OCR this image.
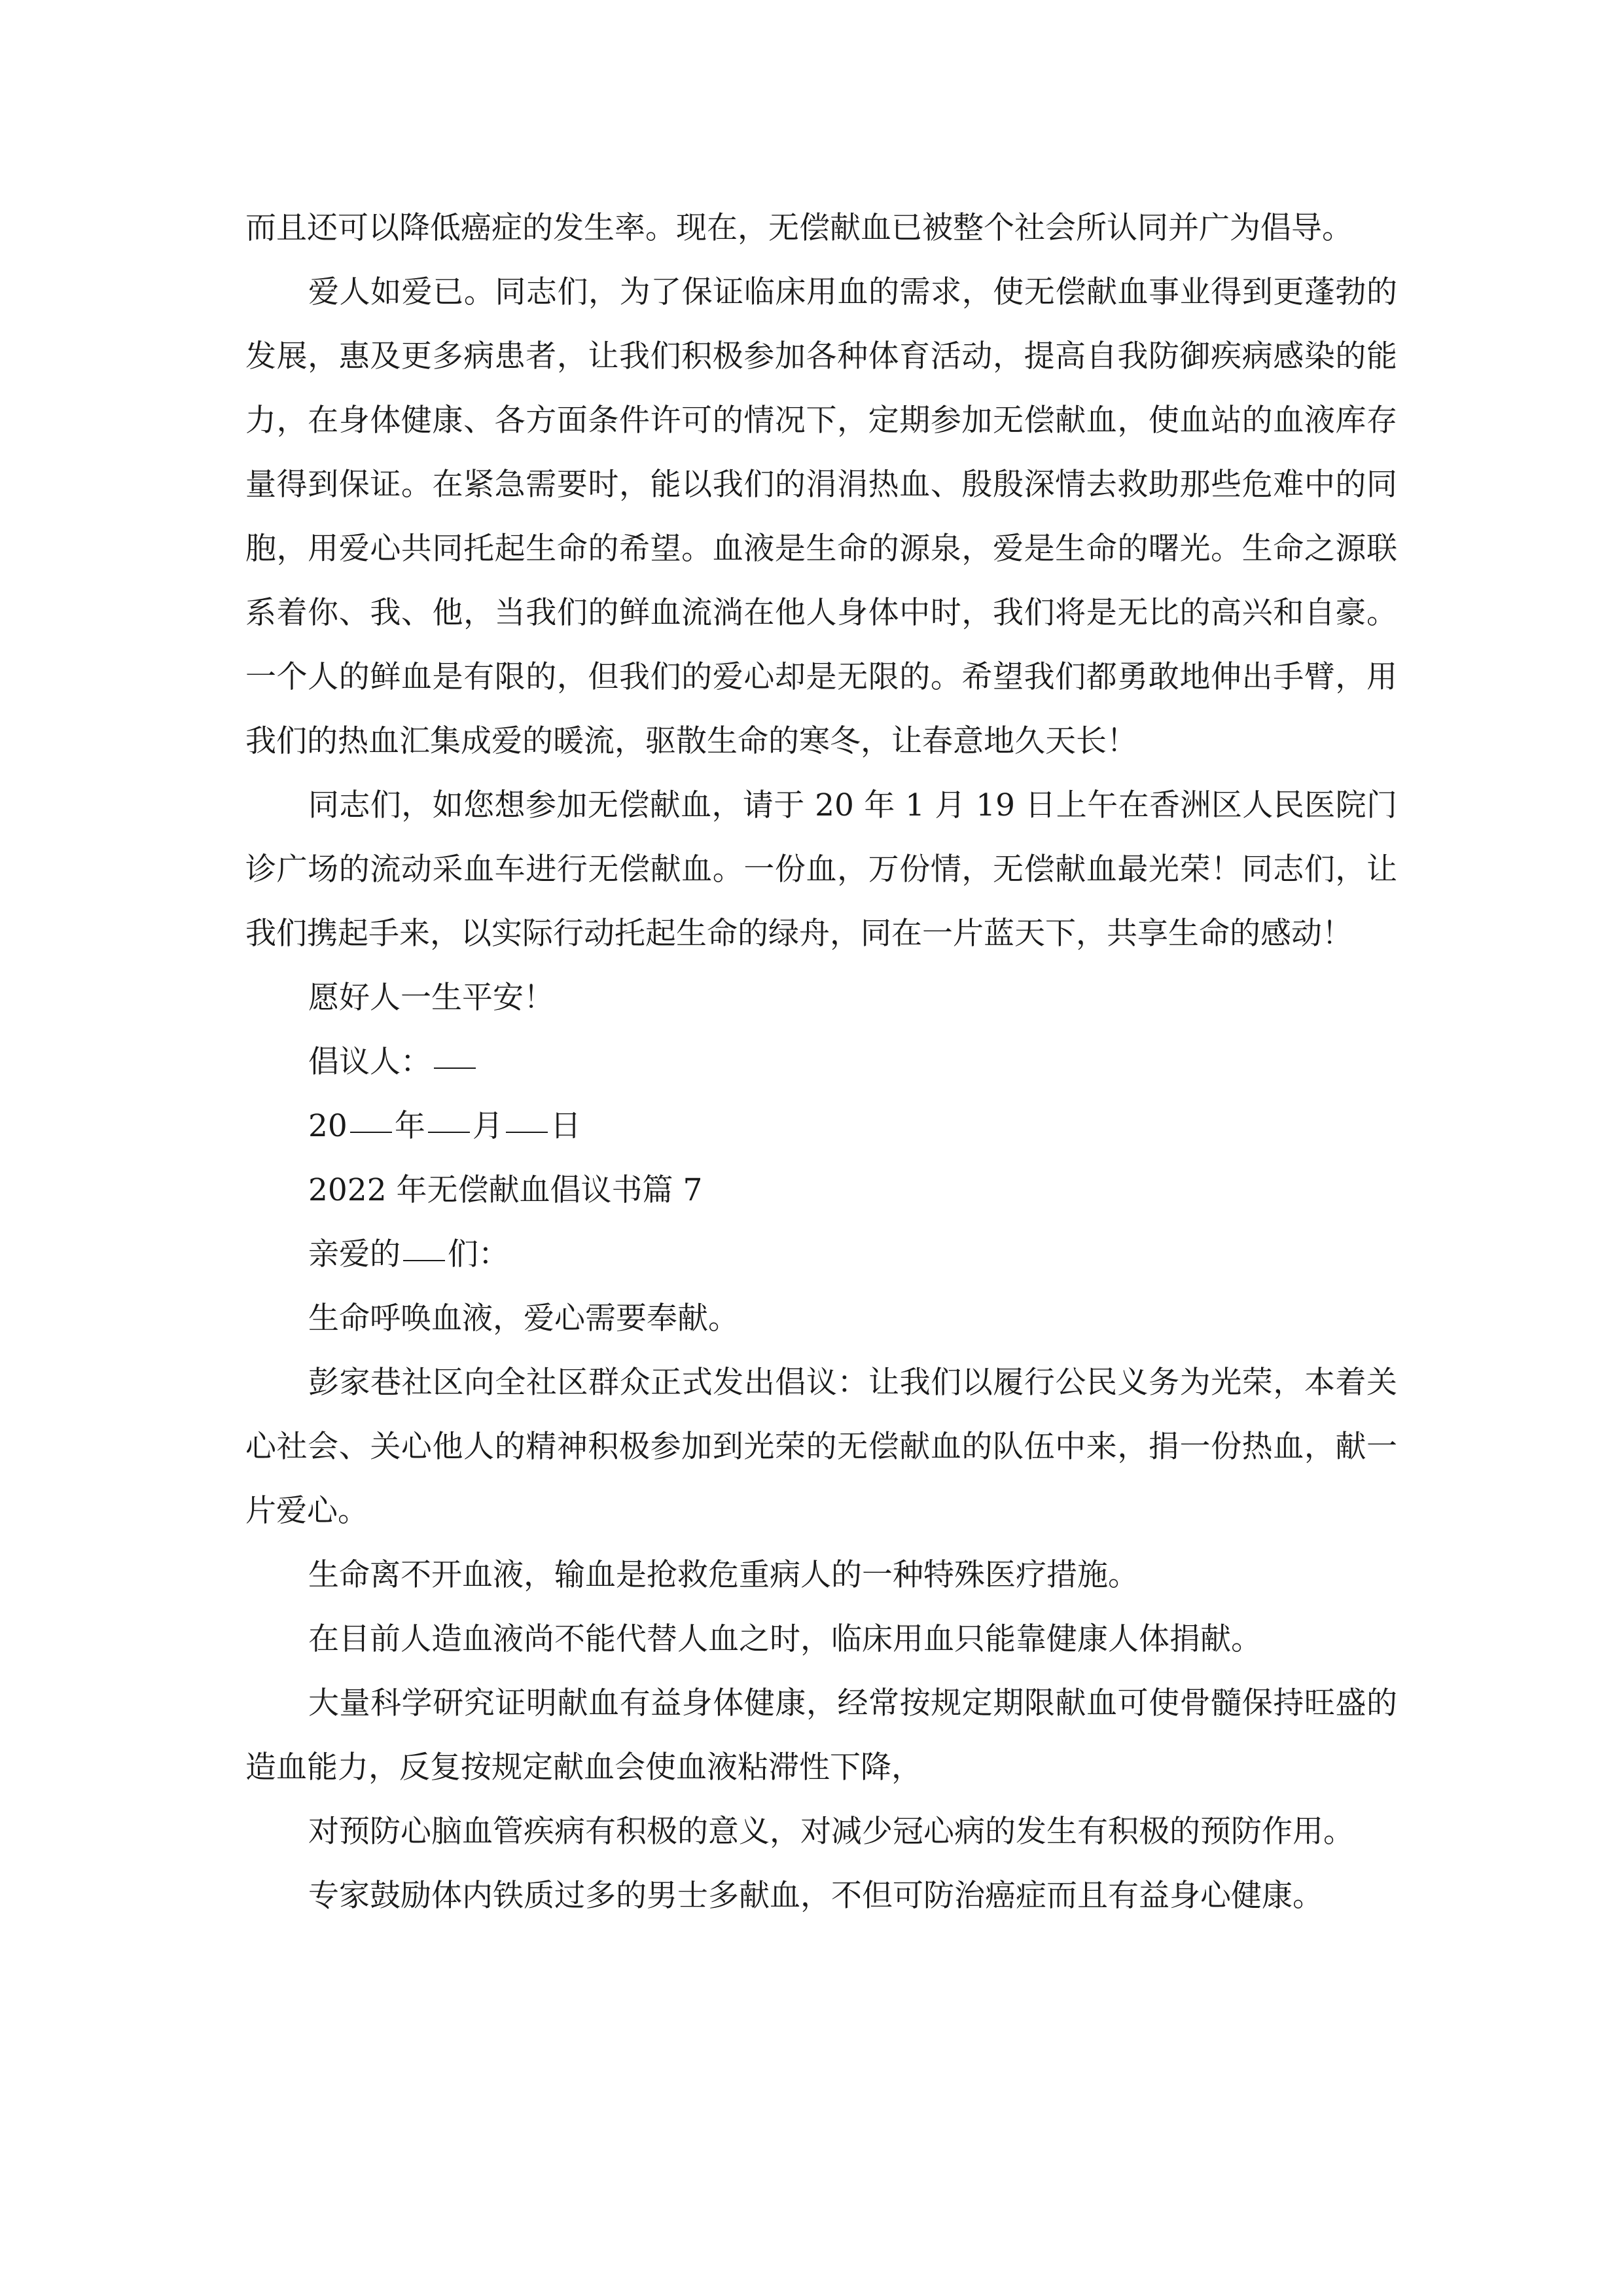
而且还可以降低癌症的发生率。现在，无偿献血已被整个社会所认同并广为倡导。

爱人如爱已。同志们，为了保证临床用血的需求，使无偿献血事业得到更蓬勃的发展，惠及更多病患者，让我们积极参加各种体育活动，提高自我防御疾病感染的能力，在身体健康、各方面条件许可的情况下，定期参加无偿献血，使血站的血液库存量得到保证。在紧急需要时，能以我们的涓涓热血、殷殷深情去救助那些危难中的同胞，用爱心共同托起生命的希望。血液是生命的源泉，爱是生命的曙光。生命之源联系着你、我、他，当我们的鲜血流淌在他人身体中时，我们将是无比的高兴和自豪。一个人的鲜血是有限的，但我们的爱心却是无限的。希望我们都勇敢地伸出手臂，用我们的热血汇集成爱的暖流，驱散生命的寒冬，让春意地久天长！

同志们，如您想参加无偿献血，请于 20 年 1 月 19 日上午在香洲区人民医院门诊广场的流动采血车进行无偿献血。一份血，万份情，无偿献血最光荣！同志们，让我们携起手来，以实际行动托起生命的绿舟，同在一片蓝天下，共享生命的感动！

愿好人一生平安！

倡议人：

20 年 月 日

2022 年无偿献血倡议书篇 7

亲爱的 们：

生命呼唤血液，爱心需要奉献。

彭家巷社区向全社区群众正式发出倡议：让我们以履行公民义务为光荣，本着关心社会、关心他人的精神积极参加到光荣的无偿献血的队伍中来，捐一份热血，献一片爱心。

生命离不开血液，输血是抢救危重病人的一种特殊医疗措施。

在目前人造血液尚不能代替人血之时，临床用血只能靠健康人体捐献。

大量科学研究证明献血有益身体健康，经常按规定期限献血可使骨髓保持旺盛的造血能力，反复按规定献血会使血液粘滞性下降，

对预防心脑血管疾病有积极的意义，对减少冠心病的发生有积极的预防作用。

专家鼓励体内铁质过多的男士多献血，不但可防治癌症而且有益身心健康。
